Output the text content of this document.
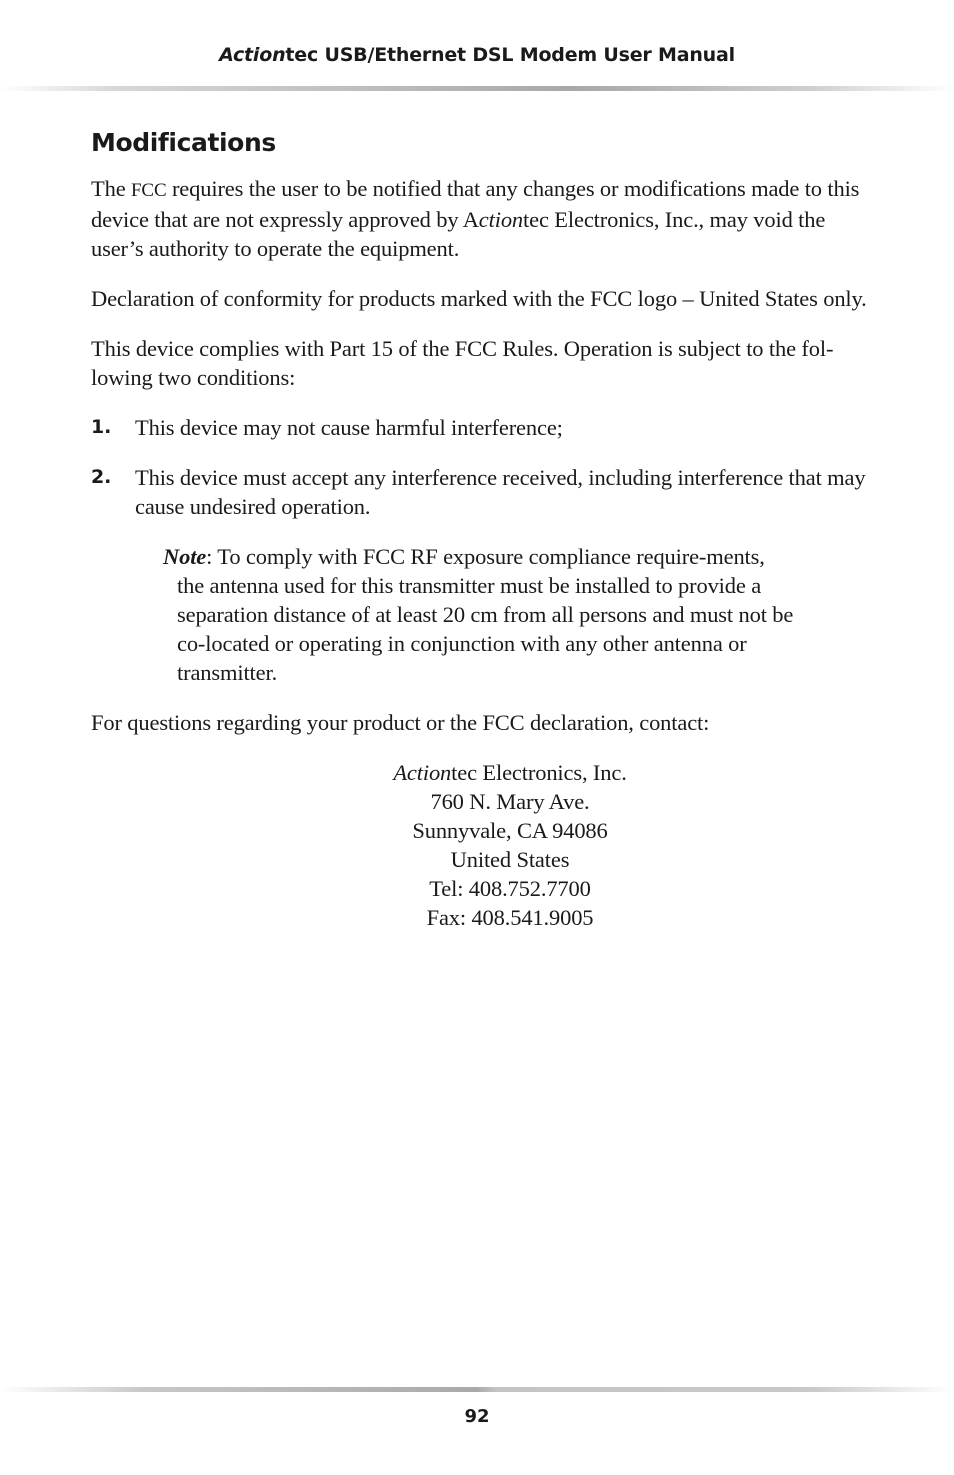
Actiontec USB/Ethernet DSL Modem User Manual
Modifications

The FCC requires the user to be notified that any changes or modifications made to this device that are not expressly approved by Actiontec Electronics, Inc., may void the user’s authority to operate the equipment.

Declaration of conformity for products marked with the FCC logo – United States only.

This device complies with Part 15 of the FCC Rules. Operation is subject to the fol-lowing two conditions:

1.	This device may not cause harmful interference;
2.	This device must accept any interference received, including interference that may cause undesired operation.
Note: To comply with FCC RF exposure compliance require-ments, the antenna used for this transmitter must be installed to provide a separation distance of at least 20 cm from all persons and must not be co-located or operating in conjunction with any other antenna or transmitter.

For questions regarding your product or the FCC declaration, contact:

Actiontec Electronics, Inc.
760 N. Mary Ave.
Sunnyvale, CA 94086
United States
Tel: 408.752.7700
Fax: 408.541.9005
92
